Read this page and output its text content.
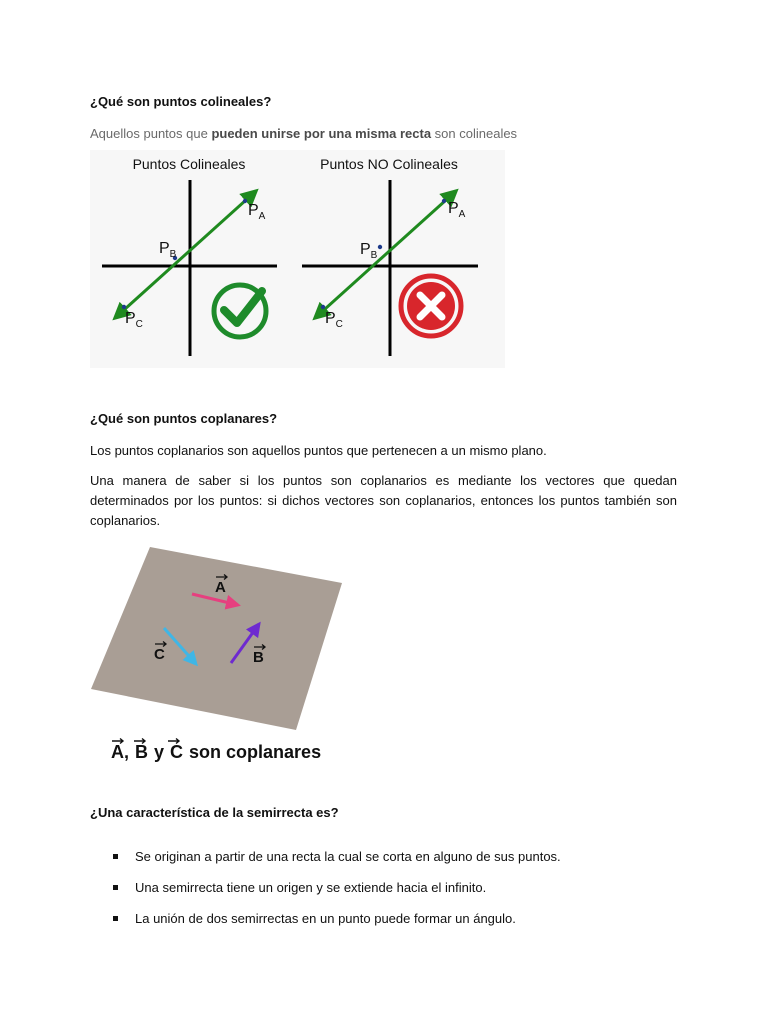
¿Qué son puntos colineales?
Aquellos puntos que pueden unirse por una misma recta son colineales
Puntos Colineales
$P_A$
$P_B$
$P_C$
Puntos NO Colineales
$P_A$
$P_B$
$P_C$
¿Qué son puntos coplanares?
Los puntos coplanarios son aquellos puntos que pertenecen a un mismo plano.
Una manera de saber si los puntos son coplanarios es mediante los vectores que quedan determinados por los puntos: si dichos vectores son coplanarios, entonces los puntos también son coplanarios.
A
B
C
A, B y C son coplanares
¿Una característica de la semirrecta es?
Se originan a partir de una recta la cual se corta en alguno de sus puntos.
Una semirrecta tiene un origen y se extiende hacia el infinito.
La unión de dos semirrectas en un punto puede formar un ángulo.
